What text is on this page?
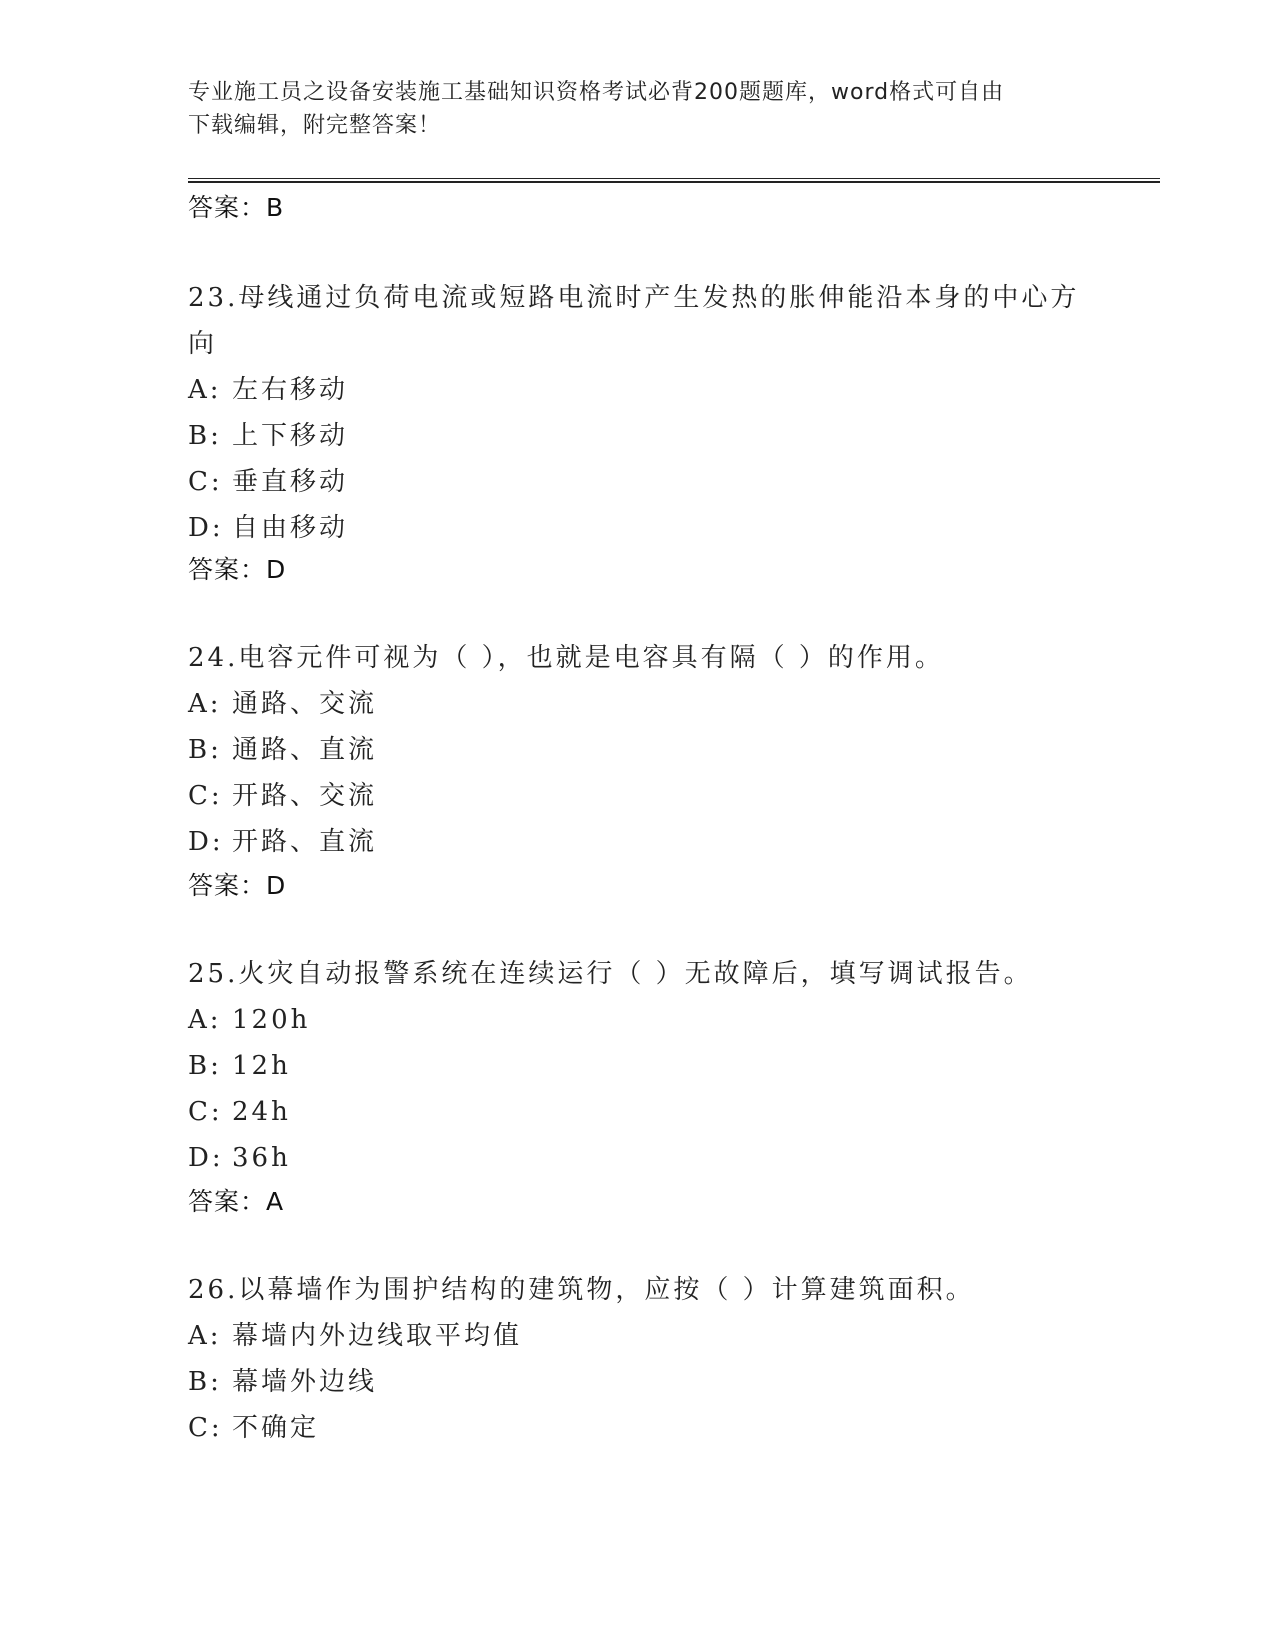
专业施工员之设备安装施工基础知识资格考试必背200题题库，word格式可自由
下载编辑，附完整答案！

答案：B

23.母线通过负荷电流或短路电流时产生发热的胀伸能沿本身的中心方

向

A: 左右移动
B: 上下移动
C: 垂直移动
D: 自由移动

答案：D

24.电容元件可视为（ ），也就是电容具有隔（ ）的作用。

A: 通路、交流
B: 通路、直流
C: 开路、交流
D: 开路、直流

答案：D

25.火灾自动报警系统在连续运行（ ）无故障后，填写调试报告。

A: 120h
B: 12h
C: 24h
D: 36h

答案：A

26.以幕墙作为围护结构的建筑物，应按（ ）计算建筑面积。

A: 幕墙内外边线取平均值
B: 幕墙外边线
C: 不确定
